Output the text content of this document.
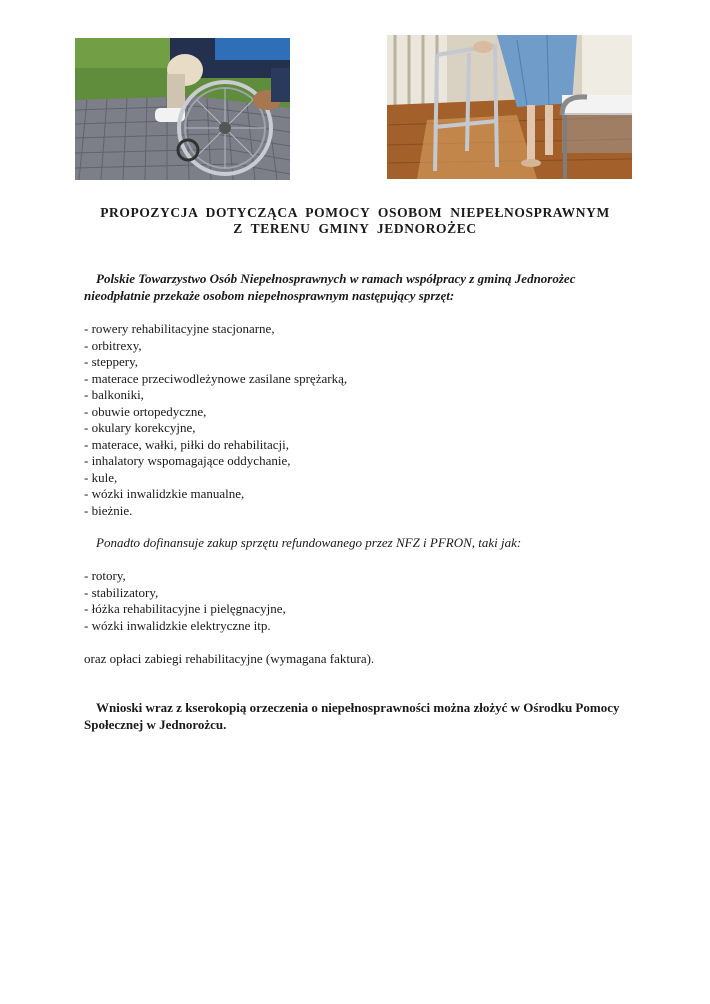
PROPOZYCJA DOTYCZĄCA POMOCY OSOBOM NIEPEŁNOSPRAWNYM
Z TERENU GMINY JEDNOROŻEC
Polskie Towarzystwo Osób Niepełnosprawnych w ramach współpracy z gminą Jednorożec nieodpłatnie przekaże osobom niepełnosprawnym następujący sprzęt:
- rowery rehabilitacyjne stacjonarne,
- orbitrexy,
- steppery,
- materace przeciwodleżynowe zasilane sprężarką,
- balkoniki,
- obuwie ortopedyczne,
- okulary korekcyjne,
- materace, wałki, piłki do rehabilitacji,
- inhalatory wspomagające oddychanie,
- kule,
- wózki inwalidzkie manualne,
- bieżnie.
Ponadto dofinansuje zakup sprzętu refundowanego przez NFZ i PFRON, taki jak:
- rotory,
- stabilizatory,
- łóżka rehabilitacyjne i pielęgnacyjne,
- wózki inwalidzkie elektryczne itp.
oraz opłaci zabiegi rehabilitacyjne (wymagana faktura).
Wnioski wraz z kserokopią orzeczenia o niepełnosprawności można złożyć w Ośrodku Pomocy Społecznej w Jednorożcu.
